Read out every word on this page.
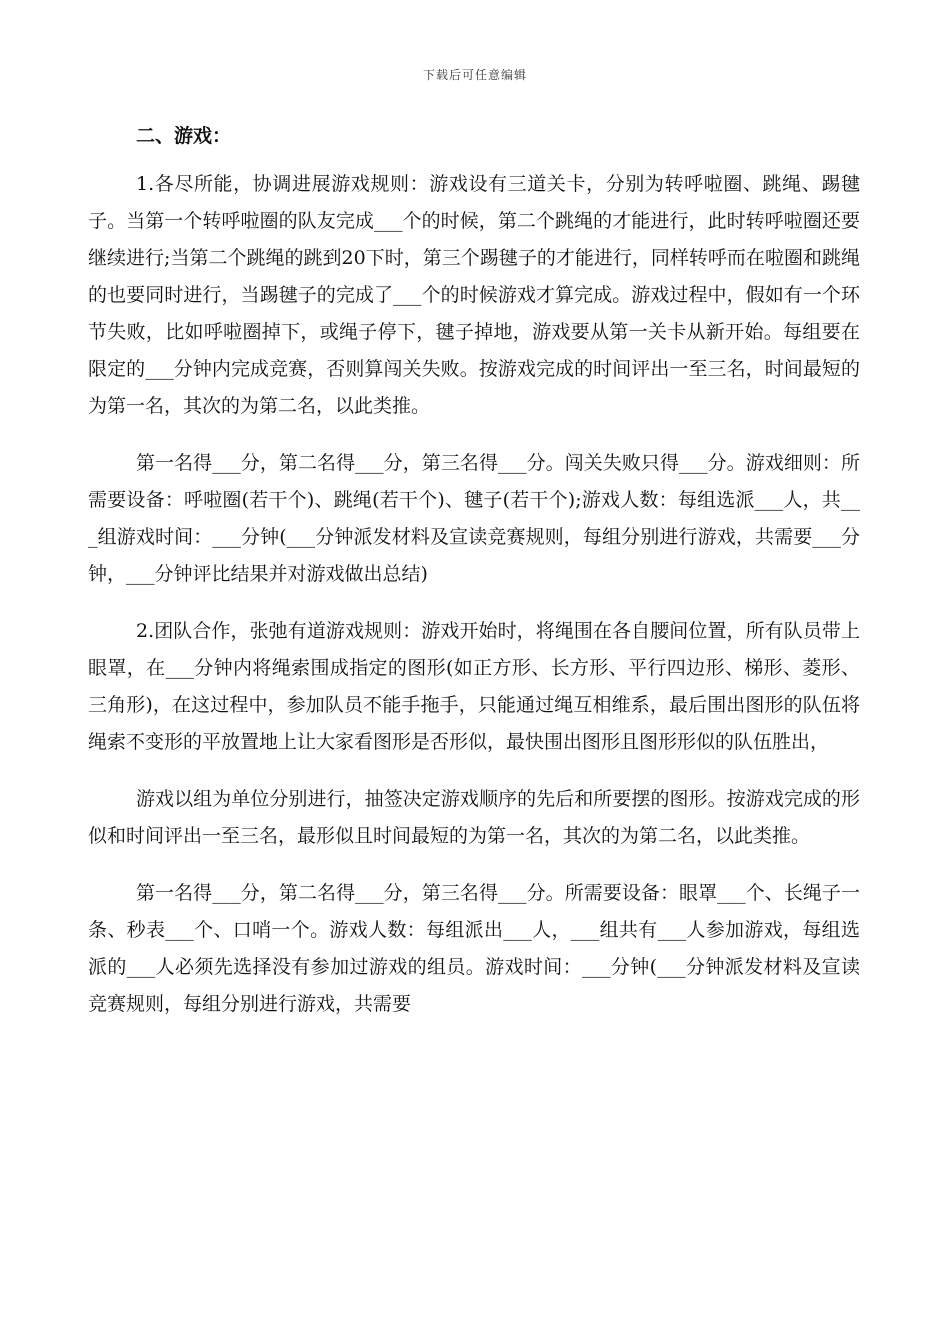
下载后可任意编辑
二、游戏：

1.各尽所能，协调进展游戏规则：游戏设有三道关卡，分别为转呼啦圈、跳绳、踢毽子。当第一个转呼啦圈的队友完成___个的时候，第二个跳绳的才能进行，此时转呼啦圈还要继续进行;当第二个跳绳的跳到20下时，第三个踢毽子的才能进行，同样转呼而在啦圈和跳绳的也要同时进行，当踢毽子的完成了___个的时候游戏才算完成。游戏过程中，假如有一个环节失败，比如呼啦圈掉下，或绳子停下，毽子掉地，游戏要从第一关卡从新开始。每组要在限定的___分钟内完成竞赛，否则算闯关失败。按游戏完成的时间评出一至三名，时间最短的为第一名，其次的为第二名，以此类推。

第一名得___分，第二名得___分，第三名得___分。闯关失败只得___分。游戏细则：所需要设备：呼啦圈(若干个)、跳绳(若干个)、毽子(若干个);游戏人数：每组选派___人，共___组游戏时间：___分钟(___分钟派发材料及宣读竞赛规则，每组分别进行游戏，共需要___分钟，___分钟评比结果并对游戏做出总结)

2.团队合作，张弛有道游戏规则：游戏开始时，将绳围在各自腰间位置，所有队员带上眼罩，在___分钟内将绳索围成指定的图形(如正方形、长方形、平行四边形、梯形、菱形、三角形)，在这过程中，参加队员不能手拖手，只能通过绳互相维系，最后围出图形的队伍将绳索不变形的平放置地上让大家看图形是否形似，最快围出图形且图形形似的队伍胜出，

游戏以组为单位分别进行，抽签决定游戏顺序的先后和所要摆的图形。按游戏完成的形似和时间评出一至三名，最形似且时间最短的为第一名，其次的为第二名，以此类推。

第一名得___分，第二名得___分，第三名得___分。所需要设备：眼罩___个、长绳子一条、秒表___个、口哨一个。游戏人数：每组派出___人，___组共有___人参加游戏，每组选派的___人必须先选择没有参加过游戏的组员。游戏时间：___分钟(___分钟派发材料及宣读竞赛规则，每组分别进行游戏，共需要
